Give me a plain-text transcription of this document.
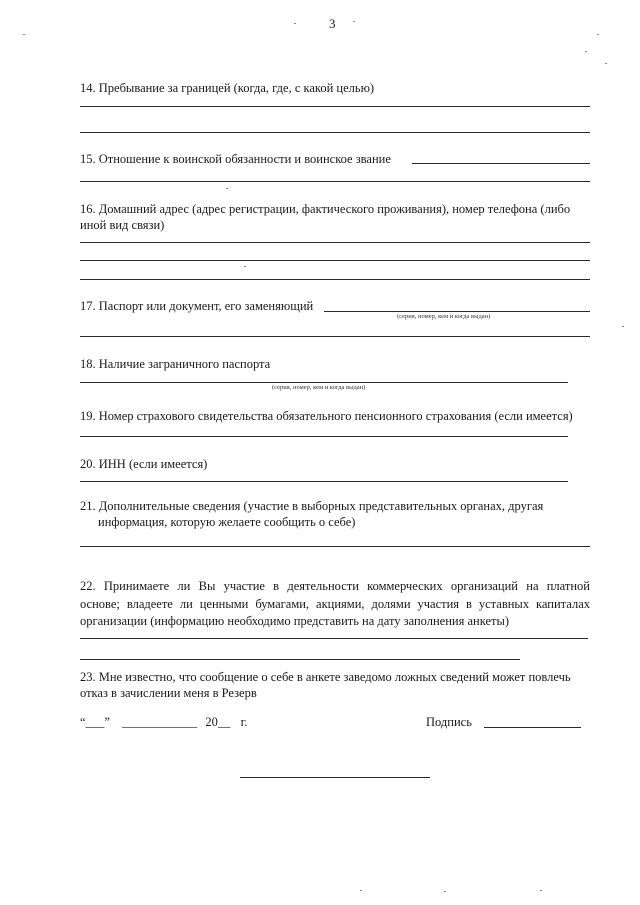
3
14. Пребывание за границей (когда, где, с какой целью)
15. Отношение к воинской обязанности и воинское звание
16. Домашний адрес (адрес регистрации, фактического проживания), номер телефона (либо
иной вид связи)
17. Паспорт или документ, его заменяющий
(серия, номер, кем и когда выдан)
18. Наличие заграничного паспорта
(серия, номер, кем и когда выдан)
19. Номер страхового свидетельства обязательного пенсионного страхования (если имеется)
20. ИНН (если имеется)
21. Дополнительные сведения (участие в выборных представительных органах, другая
информация, которую желаете сообщить о себе)
22. Принимаете ли Вы участие в деятельности коммерческих организаций на платной
основе; владеете ли ценными бумагами, акциями, долями участия в уставных капиталах
организации (информацию необходимо представить на дату заполнения анкеты)
23. Мне известно, что сообщение о себе в анкете заведомо ложных сведений может повлечь
отказ в зачислении меня в Резерв
“___” ____________ 20__ г.	Подпись
